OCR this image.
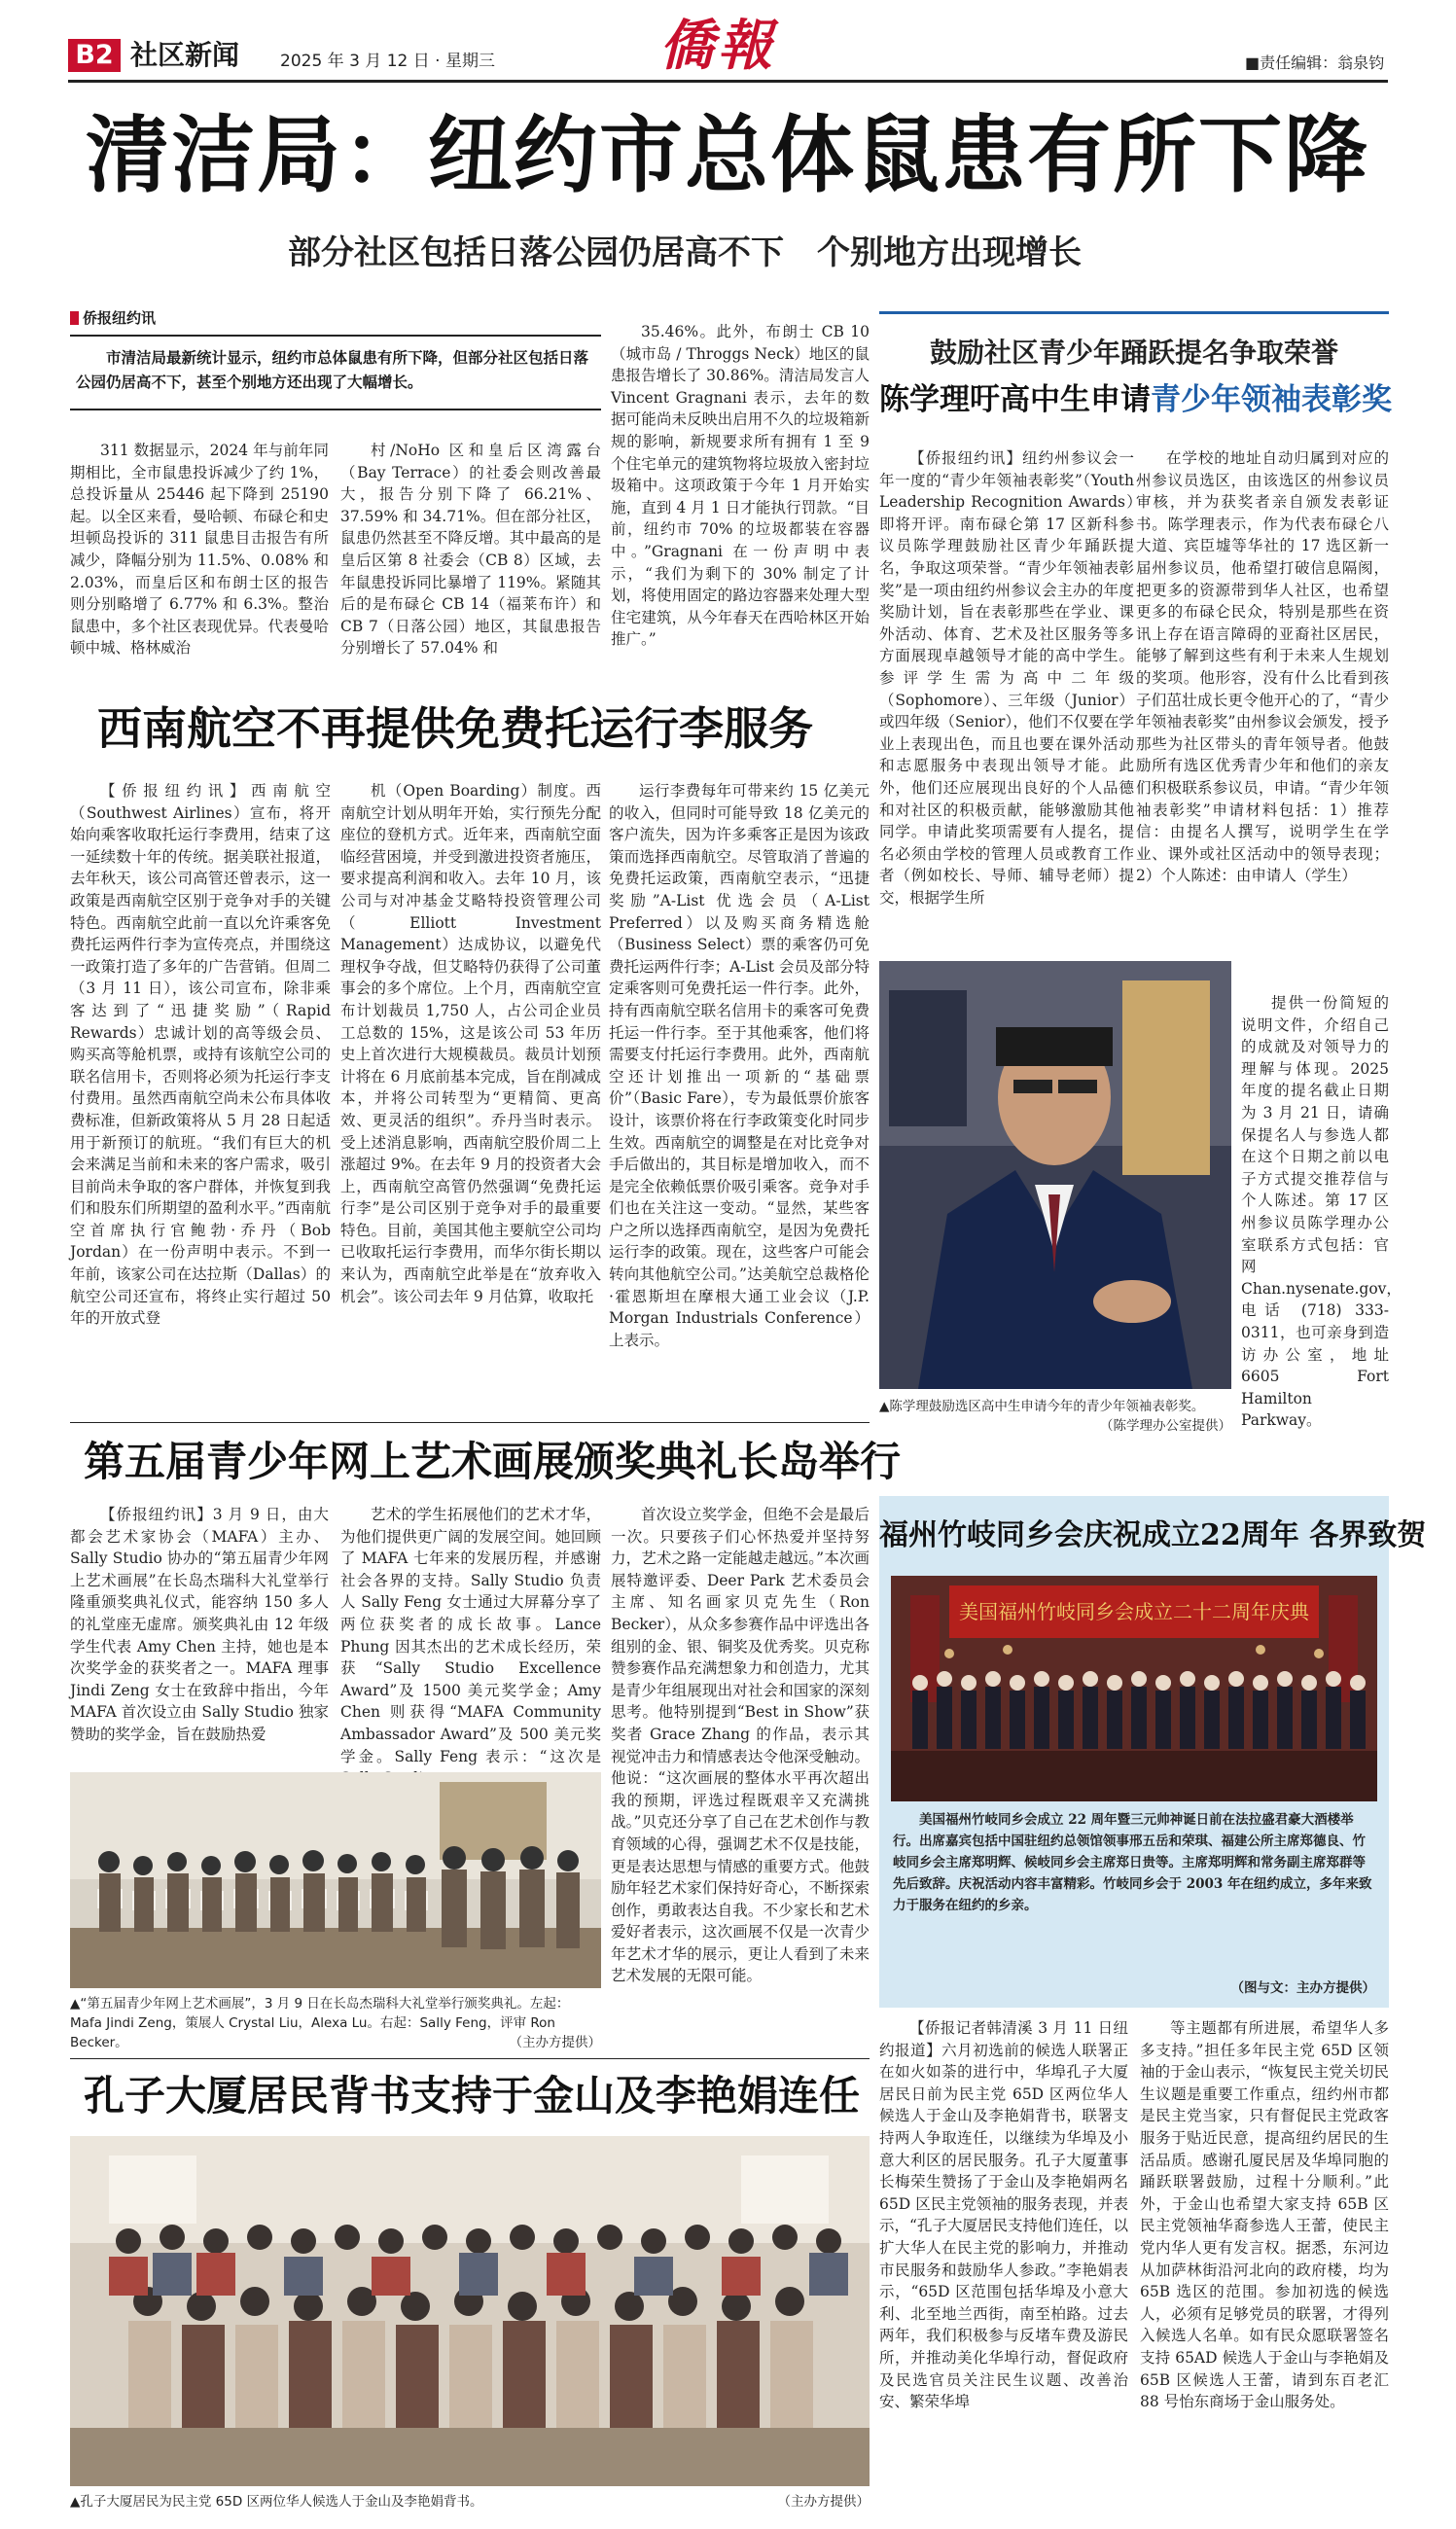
B2 社区新闻 2025 年 3 月 12 日 · 星期三	僑報	■责任编辑：翁泉钧
清洁局：纽约市总体鼠患有所下降
部分社区包括日落公园仍居高不下　个别地方出现增长
侨报纽约讯
市清洁局最新统计显示，纽约市总体鼠患有所下降，但部分社区包括日落公园仍居高不下，甚至个别地方还出现了大幅增长。

311 数据显示，2024 年与前年同期相比，全市鼠患投诉减少了约 1%，总投诉量从 25446 起下降到 25190 起。以全区来看，曼哈顿、布碌仑和史坦顿岛投诉的 311 鼠患目击报告有所减少，降幅分别为 11.5%、0.08% 和 2.03%，而皇后区和布朗士区的报告则分别略增了 6.77% 和 6.3%。整治鼠患中，多个社区表现优异。代表曼哈顿中城、格林威治

村/NoHo 区和皇后区湾露台（Bay Terrace）的社委会则改善最大，报告分别下降了 66.21%、37.59% 和 34.71%。但在部分社区，鼠患仍然甚至不降反增。其中最高的是皇后区第 8 社委会（CB 8）区域，去年鼠患投诉同比暴增了 119%。紧随其后的是布碌仑 CB 14（福莱布许）和 CB 7（日落公园）地区，其鼠患报告分别增长了 57.04% 和

35.46%。此外，布朗士 CB 10（城市岛 / Throggs Neck）地区的鼠患报告增长了 30.86%。清洁局发言人 Vincent Gragnani 表示，去年的数据可能尚未反映出启用不久的垃圾箱新规的影响，新规要求所有拥有 1 至 9 个住宅单元的建筑物将垃圾放入密封垃圾箱中。这项政策于今年 1 月开始实施，直到 4 月 1 日才能执行罚款。“目前，纽约市 70% 的垃圾都装在容器中。”Gragnani 在一份声明中表示，“我们为剩下的 30% 制定了计划，将使用固定的路边容器来处理大型住宅建筑，从今年春天在西哈林区开始推广。”

西南航空不再提供免费托运行李服务

【侨报纽约讯】西南航空（Southwest Airlines）宣布，将开始向乘客收取托运行李费用，结束了这一延续数十年的传统。据美联社报道，去年秋天，该公司高管还曾表示，这一政策是西南航空区别于竞争对手的关键特色。西南航空此前一直以允许乘客免费托运两件行李为宣传亮点，并围绕这一政策打造了多年的广告营销。但周二（3 月 11 日），该公司宣布，除非乘客达到了“迅捷奖励”（Rapid Rewards）忠诚计划的高等级会员、购买高等舱机票，或持有该航空公司的联名信用卡，否则将必须为托运行李支付费用。虽然西南航空尚未公布具体收费标准，但新政策将从 5 月 28 日起适用于新预订的航班。“我们有巨大的机会来满足当前和未来的客户需求，吸引目前尚未争取的客户群体，并恢复到我们和股东们所期望的盈利水平。”西南航空首席执行官鲍勃·乔丹（Bob Jordan）在一份声明中表示。不到一年前，该家公司在达拉斯（Dallas）的航空公司还宣布，将终止实行超过 50 年的开放式登

机（Open Boarding）制度。西南航空计划从明年开始，实行预先分配座位的登机方式。近年来，西南航空面临经营困境，并受到激进投资者施压，要求提高利润和收入。去年 10 月，该公司与对冲基金艾略特投资管理公司（Elliott Investment Management）达成协议，以避免代理权争夺战，但艾略特仍获得了公司董事会的多个席位。上个月，西南航空宣布计划裁员 1,750 人，占公司企业员工总数的 15%，这是该公司 53 年历史上首次进行大规模裁员。裁员计划预计将在 6 月底前基本完成，旨在削减成本，并将公司转型为“更精简、更高效、更灵活的组织”。乔丹当时表示。受上述消息影响，西南航空股价周二上涨超过 9%。在去年 9 月的投资者大会上，西南航空高管仍然强调“免费托运行李”是公司区别于竞争对手的最重要特色。目前，美国其他主要航空公司均已收取托运行李费用，而华尔街长期以来认为，西南航空此举是在“放弃收入机会”。该公司去年 9 月估算，收取托

运行李费每年可带来约 15 亿美元的收入，但同时可能导致 18 亿美元的客户流失，因为许多乘客正是因为该政策而选择西南航空。尽管取消了普遍的免费托运政策，西南航空表示，“迅捷奖励”A-List 优选会员（A-List Preferred）以及购买商务精选舱（Business Select）票的乘客仍可免费托运两件行李；A-List 会员及部分特定乘客则可免费托运一件行李。此外，持有西南航空联名信用卡的乘客可免费托运一件行李。至于其他乘客，他们将需要支付托运行李费用。此外，西南航空还计划推出一项新的“基础票价”（Basic Fare），专为最低票价旅客设计，该票价将在行李政策变化时同步生效。西南航空的调整是在对比竞争对手后做出的，其目标是增加收入，而不是完全依赖低票价吸引乘客。竞争对手们也在关注这一变动。“显然，某些客户之所以选择西南航空，是因为免费托运行李的政策。现在，这些客户可能会转向其他航空公司。”达美航空总裁格伦·霍恩斯坦在摩根大通工业会议（J.P. Morgan Industrials Conference）上表示。

第五届青少年网上艺术画展颁奖典礼长岛举行

【侨报纽约讯】3 月 9 日，由大都会艺术家协会（MAFA）主办、Sally Studio 协办的“第五届青少年网上艺术画展”在长岛杰瑞科大礼堂举行隆重颁奖典礼仪式，能容纳 150 多人的礼堂座无虚席。颁奖典礼由 12 年级学生代表 Amy Chen 主持，她也是本次奖学金的获奖者之一。MAFA 理事 Jindi Zeng 女士在致辞中指出，今年 MAFA 首次设立由 Sally Studio 独家赞助的奖学金，旨在鼓励热爱

艺术的学生拓展他们的艺术才华，为他们提供更广阔的发展空间。她回顾了 MAFA 七年来的发展历程，并感谢社会各界的支持。Sally Studio 负责人 Sally Feng 女士通过大屏幕分享了两位获奖者的成长故事。Lance Phung 因其杰出的艺术成长经历，荣获“Sally Studio Excellence Award”及 1500 美元奖学金；Amy Chen 则获得“MAFA Community Ambassador Award”及 500 美元奖学金。Sally Feng 表示：“这次是

首次设立奖学金，但绝不会是最后一次。只要孩子们心怀热爱并坚持努力，艺术之路一定能越走越远。”本次画展特邀评委、Deer Park 艺术委员会主席、知名画家贝克先生（Ron Becker），从众多参赛作品中评选出各组别的金、银、铜奖及优秀奖。贝克称赞参赛作品充满想象力和创造力，尤其是青少年组展现出对社会和国家的深刻思考。他特别提到“Best in Show”获奖者 Grace Zhang 的作品，表示其视觉冲击力和情感表达令他深受触动。他说：“这次画展的整体水平再次超出我的预期，评选过程既艰辛又充满挑战。”贝克还分享了自己在艺术创作与教育领域的心得，强调艺术不仅是技能，更是表达思想与情感的重要方式。他鼓励年轻艺术家们保持好奇心，不断探索创作，勇敢表达自我。不少家长和艺术爱好者表示，这次画展不仅是一次青少年艺术才华的展示，更让人看到了未来艺术发展的无限可能。

▲“第五届青少年网上艺术画展”，3 月 9 日在长岛杰瑞科大礼堂举行颁奖典礼。左起：Mafa Jindi Zeng，策展人 Crystal Liu，Alexa Lu。右起：Sally Feng，评审 Ron Becker。	（主办方提供）
孔子大厦居民背书支持于金山及李艳娟连任
▲孔子大厦居民为民主党 65D 区两位华人候选人于金山及李艳娟背书。	（主办方提供）
鼓励社区青少年踊跃提名争取荣誉
陈学理吁高中生申请青少年领袖表彰奖

【侨报纽约讯】纽约州参议会一年一度的“青少年领袖表彰奖”（Youth Leadership Recognition Awards）即将开评。南布碌仑第 17 区新科参议员陈学理鼓励社区青少年踊跃提名，争取这项荣誉。“青少年领袖表彰奖”是一项由纽约州参议会主办的年度奖励计划，旨在表彰那些在学业、课外活动、体育、艺术及社区服务等多方面展现卓越领导才能的高中学生。参评学生需为高中二年级（Sophomore）、三年级（Junior）或四年级（Senior），他们不仅要在学业上表现出色，而且也要在课外活动和志愿服务中表现出领导才能。此外，他们还应展现出良好的个人品德和对社区的积极贡献，能够激励其他同学。申请此奖项需要有人提名，提名必须由学校的管理人员或教育工作者（例如校长、导师、辅导老师）提交，根据学生所

在学校的地址自动归属到对应的州参议员选区，由该选区的州参议员审核，并为获奖者亲自颁发表彰证书。陈学理表示，作为代表布碌仑八大道、宾臣墟等华社的 17 选区新一届州参议员，他希望打破信息隔阂，把更多的资源带到华人社区，也希望更多的布碌仑民众，特别是那些在资讯上存在语言障碍的亚裔社区居民，能够了解到这些有利于未来人生规划的奖项。他形容，没有什么比看到孩子们茁壮成长更令他开心的了，“青少年领袖表彰奖”由州参议会颁发，授予那些为社区带头的青年领导者。他鼓励所有选区优秀青少年和他们的亲友们积极联系参议员，申请。“青少年领袖表彰奖”申请材料包括：1）推荐信：由提名人撰写，说明学生在学业、课外或社区活动中的领导表现；2）个人陈述：由申请人（学生）

提供一份简短的说明文件，介绍自己的成就及对领导力的理解与体现。2025 年度的提名截止日期为 3 月 21 日，请确保提名人与参选人都在这个日期之前以电子方式提交推荐信与个人陈述。第 17 区州参议员陈学理办公室联系方式包括：官网 Chan.nysenate.gov，电话 (718) 333-0311，也可亲身到造访办公室，地址 6605 Fort Hamilton Parkway。

▲陈学理鼓励选区高中生申请今年的青少年领袖表彰奖。
（陈学理办公室提供）
福州竹岐同乡会庆祝成立22周年 各界致贺
美国福州竹岐同乡会成立二十二周年庆典
美国福州竹岐同乡会成立 22 周年暨三元帅神诞日前在法拉盛君豪大酒楼举行。出席嘉宾包括中国驻纽约总领馆领事邢五岳和荣琪、福建公所主席郑德良、竹岐同乡会主席郑明辉、候岐同乡会主席郑日贵等。主席郑明辉和常务副主席郑群等先后致辞。庆祝活动内容丰富精彩。竹岐同乡会于 2003 年在纽约成立，多年来致力于服务在纽约的乡亲。
（图与文：主办方提供）

【侨报记者韩清溪 3 月 11 日纽约报道】六月初选前的候选人联署正在如火如荼的进行中，华埠孔子大厦居民日前为民主党 65D 区两位华人候选人于金山及李艳娟背书，联署支持两人争取连任，以继续为华埠及小意大利区的居民服务。孔子大厦董事长梅荣生赞扬了于金山及李艳娟两名 65D 区民主党领袖的服务表现，并表示，“孔子大厦居民支持他们连任，以扩大华人在民主党的影响力，并推动市民服务和鼓励华人参政。”李艳娟表示，“65D 区范围包括华埠及小意大利、北至地兰西街，南至柏路。过去两年，我们积极参与反堵车费及游民所，并推动美化华埠行动，督促政府及民选官员关注民生议题、改善治安、繁荣华埠

等主题都有所进展，希望华人多多支持。”担任多年民主党 65D 区领袖的于金山表示，“恢复民主党关切民生议题是重要工作重点，纽约州市都是民主党当家，只有督促民主党政客服务于贴近民意，提高纽约居民的生活品质。感谢孔厦民居及华埠同胞的踊跃联署鼓励，过程十分顺利。”此外，于金山也希望大家支持 65B 区民主党领袖华裔参选人王蕾，使民主党内华人更有发言权。据悉，东河边从加萨林街沿河北向的政府楼，均为 65B 选区的范围。参加初选的候选人，必须有足够党员的联署，才得列入候选人名单。如有民众愿联署签名支持 65AD 候选人于金山与李艳娟及 65B 区候选人王蕾，请到东百老汇 88 号怡东商场于金山服务处。
